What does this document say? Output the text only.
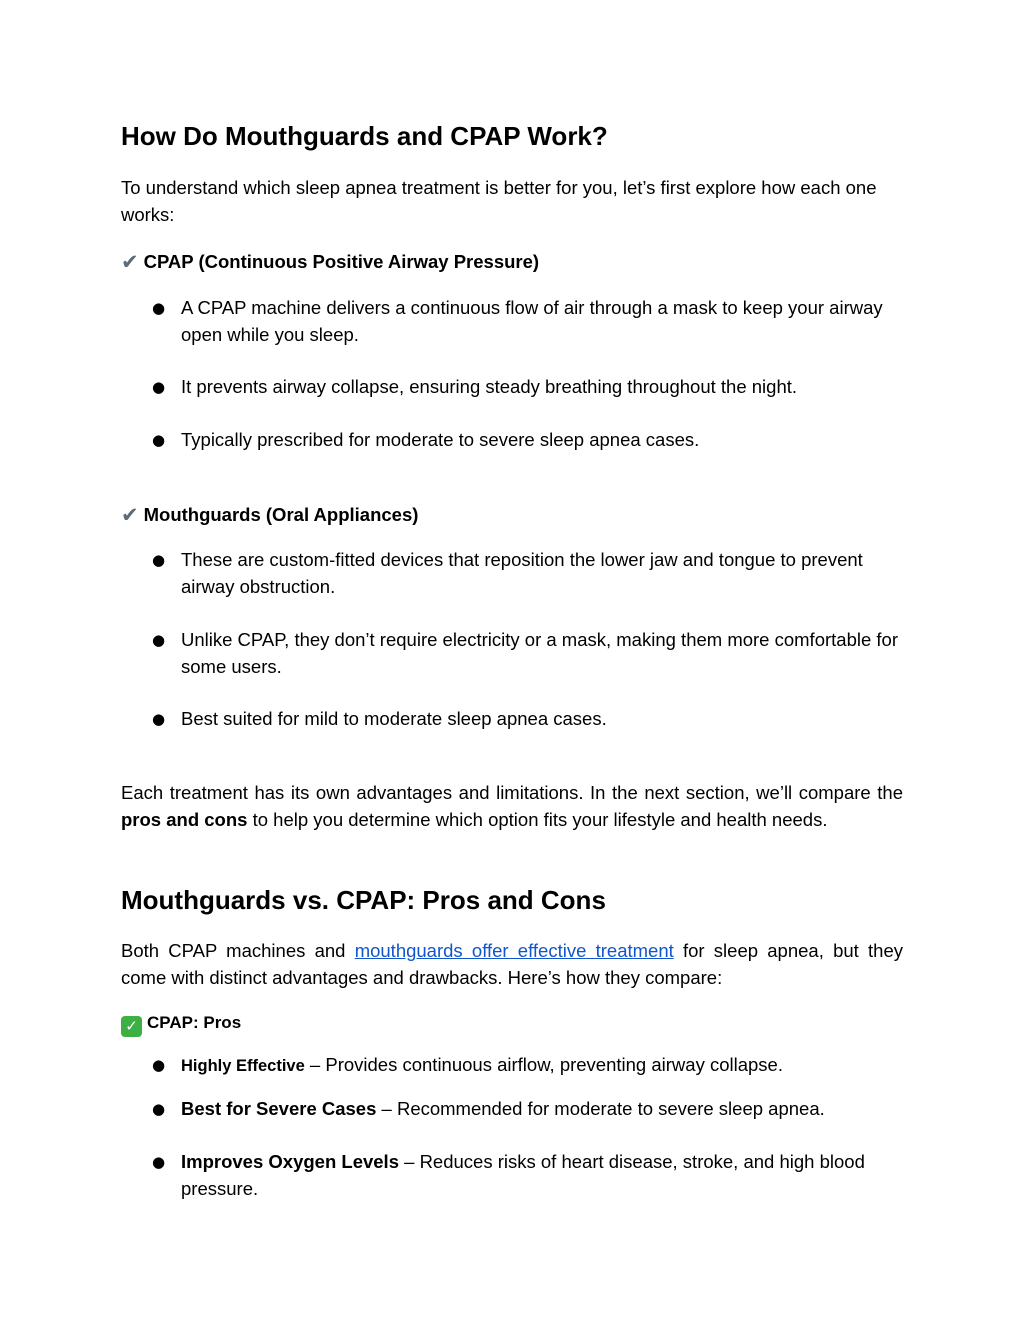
How Do Mouthguards and CPAP Work?

To understand which sleep apnea treatment is better for you, let’s first explore how each one works:

✔ CPAP (Continuous Positive Airway Pressure)
● A CPAP machine delivers a continuous flow of air through a mask to keep your airway open while you sleep.
● It prevents airway collapse, ensuring steady breathing throughout the night.
● Typically prescribed for moderate to severe sleep apnea cases.
✔ Mouthguards (Oral Appliances)
● These are custom-fitted devices that reposition the lower jaw and tongue to prevent airway obstruction.
● Unlike CPAP, they don’t require electricity or a mask, making them more comfortable for some users.
● Best suited for mild to moderate sleep apnea cases.

Each treatment has its own advantages and limitations. In the next section, we’ll compare the pros and cons to help you determine which option fits your lifestyle and health needs.

Mouthguards vs. CPAP: Pros and Cons

Both CPAP machines and mouthguards offer effective treatment for sleep apnea, but they come with distinct advantages and drawbacks. Here’s how they compare:

✓ CPAP: Pros
● Highly Effective – Provides continuous airflow, preventing airway collapse.
● Best for Severe Cases – Recommended for moderate to severe sleep apnea.
● Improves Oxygen Levels – Reduces risks of heart disease, stroke, and high blood pressure.
